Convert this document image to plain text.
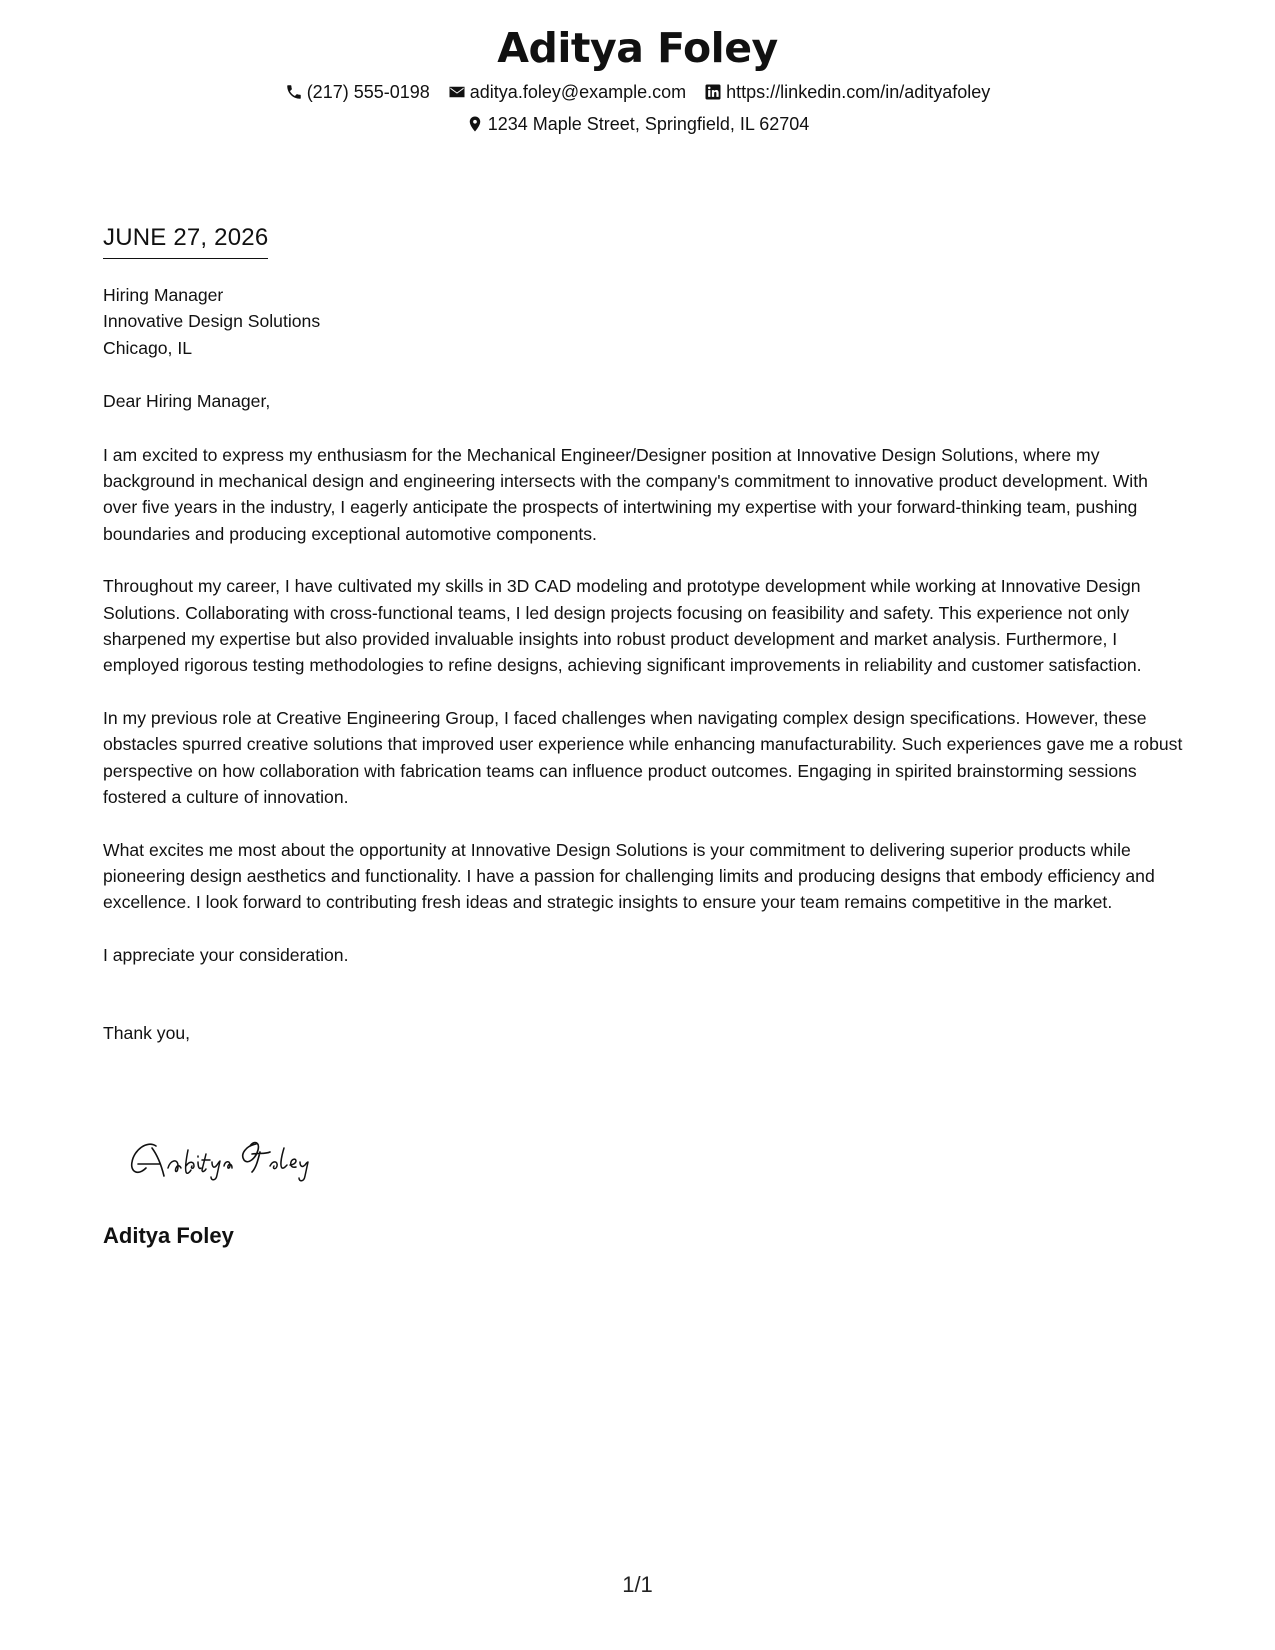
Aditya Foley
(217) 555-0198 aditya.foley@example.com https://linkedin.com/in/adityafoley
1234 Maple Street, Springfield, IL 62704
JUNE 27, 2026
Hiring Manager
Innovative Design Solutions
Chicago, IL

Dear Hiring Manager,

I am excited to express my enthusiasm for the Mechanical Engineer/Designer position at Innovative Design Solutions, where my background in mechanical design and engineering intersects with the company's commitment to innovative product development. With over five years in the industry, I eagerly anticipate the prospects of intertwining my expertise with your forward-thinking team, pushing boundaries and producing exceptional automotive components.

Throughout my career, I have cultivated my skills in 3D CAD modeling and prototype development while working at Innovative Design Solutions. Collaborating with cross-functional teams, I led design projects focusing on feasibility and safety. This experience not only sharpened my expertise but also provided invaluable insights into robust product development and market analysis. Furthermore, I employed rigorous testing methodologies to refine designs, achieving significant improvements in reliability and customer satisfaction.

In my previous role at Creative Engineering Group, I faced challenges when navigating complex design specifications. However, these obstacles spurred creative solutions that improved user experience while enhancing manufacturability. Such experiences gave me a robust perspective on how collaboration with fabrication teams can influence product outcomes. Engaging in spirited brainstorming sessions fostered a culture of innovation.

What excites me most about the opportunity at Innovative Design Solutions is your commitment to delivering superior products while pioneering design aesthetics and functionality. I have a passion for challenging limits and producing designs that embody efficiency and excellence. I look forward to contributing fresh ideas and strategic insights to ensure your team remains competitive in the market.

I appreciate your consideration.

Thank you,

Aditya Foley
1/1
